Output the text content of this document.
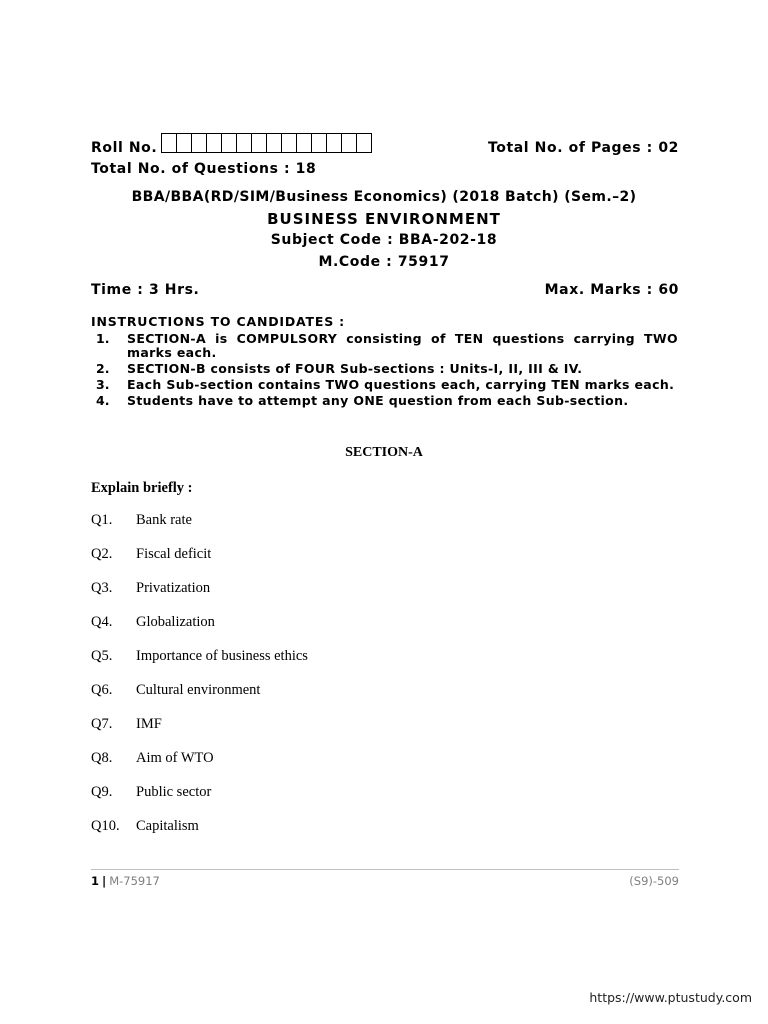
Roll No.	Total No. of Pages : 02
Total No. of Questions : 18
BBA/BBA(RD/SIM/Business Economics) (2018 Batch) (Sem.–2)
BUSINESS ENVIRONMENT
Subject Code : BBA-202-18
M.Code : 75917
Time : 3 Hrs.	Max. Marks : 60
INSTRUCTIONS TO CANDIDATES :
1.	SECTION-A is COMPULSORY consisting of TEN questions carrying TWO marks each.
2.	SECTION-B consists of FOUR Sub-sections : Units-I, II, III & IV.
3.	Each Sub-section contains TWO questions each, carrying TEN marks each.
4.	Students have to attempt any ONE question from each Sub-section.
SECTION-A
Explain briefly :
Q1. Bank rate
Q2. Fiscal deficit
Q3. Privatization
Q4. Globalization
Q5. Importance of business ethics
Q6. Cultural environment
Q7. IMF
Q8. Aim of WTO
Q9. Public sector
Q10. Capitalism
1 | M-75917	(S9)-509
https://www.ptustudy.com
